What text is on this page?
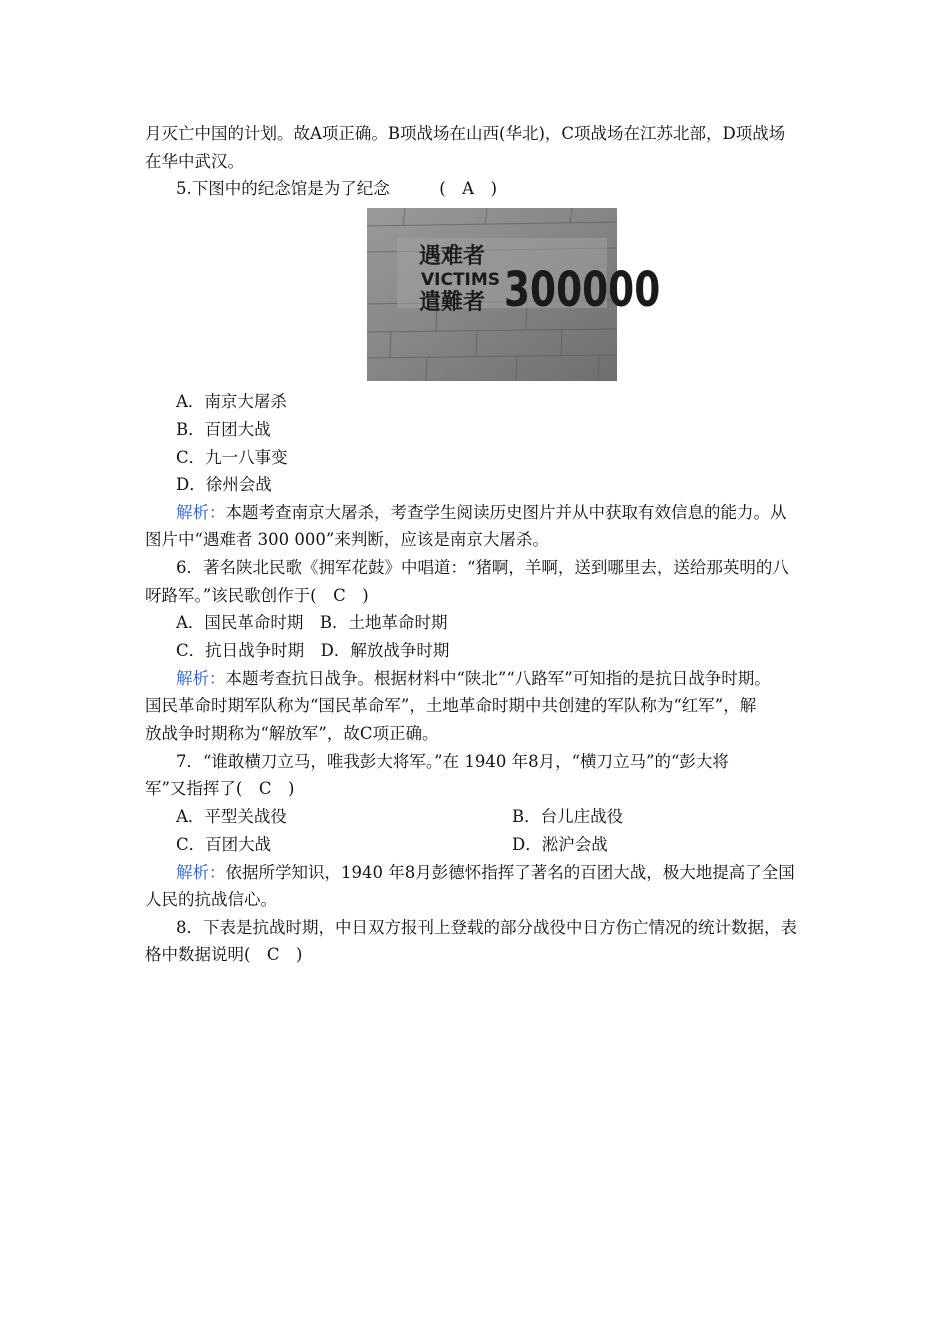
月灭亡中国的计划。故A项正确。B项战场在山西(华北)，C项战场在江苏北部，D项战场
在华中武汉。
5.下图中的纪念馆是为了纪念　　　(　A　)
遇难者
VICTIMS
遣難者 300000
A．南京大屠杀
B．百团大战
C．九一八事变
D．徐州会战
解析：本题考查南京大屠杀，考查学生阅读历史图片并从中获取有效信息的能力。从
图片中“遇难者 300 000”来判断，应该是南京大屠杀。
6．著名陕北民歌《拥军花鼓》中唱道：“猪啊，羊啊，送到哪里去，送给那英明的八
呀路军。”该民歌创作于(　C　)
A．国民革命时期　B．土地革命时期
C．抗日战争时期　D．解放战争时期
解析：本题考查抗日战争。根据材料中“陕北”“八路军”可知指的是抗日战争时期。
国民革命时期军队称为“国民革命军”，土地革命时期中共创建的军队称为“红军”，解
放战争时期称为“解放军”，故C项正确。
7．“谁敢横刀立马，唯我彭大将军。”在 1940 年8月，“横刀立马”的“彭大将
军”又指挥了(　C　)
A．平型关战役	B．台儿庄战役
C．百团大战	D．淞沪会战
解析：依据所学知识，1940 年8月彭德怀指挥了著名的百团大战，极大地提高了全国
人民的抗战信心。
8．下表是抗战时期，中日双方报刊上登载的部分战役中日方伤亡情况的统计数据，表
格中数据说明(　C　)
